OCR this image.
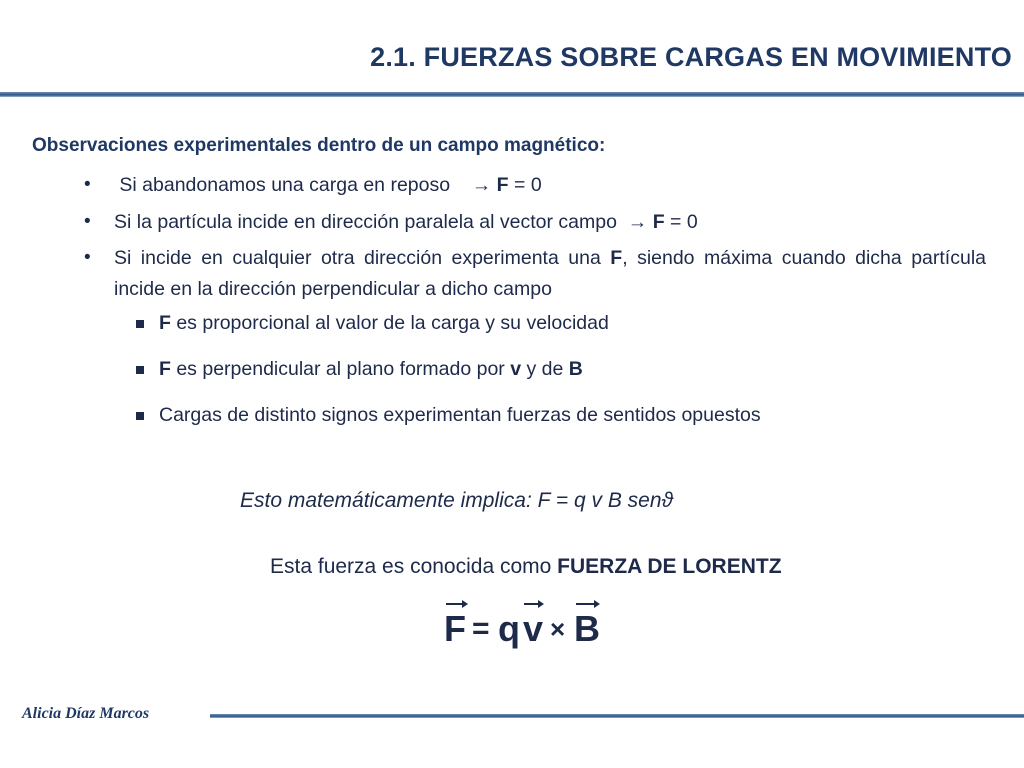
2.1. FUERZAS SOBRE CARGAS EN MOVIMIENTO
Observaciones experimentales dentro de un campo magnético:
• Si abandonamos una carga en reposo    → F = 0
• Si la partícula incide en dirección paralela al vector campo  → F = 0
• Si incide en cualquier otra dirección experimenta una F, siendo máxima cuando dicha partícula incide en la dirección perpendicular a dicho campo
F es proporcional al valor de la carga y su velocidad
F es perpendicular al plano formado por v y de B
Cargas de distinto signos experimentan fuerzas de sentidos opuestos
Esto matemáticamente implica: F = q v B senϑ
Esta fuerza es conocida como FUERZA DE LORENTZ
F = q v × B
Alicia Díaz Marcos
